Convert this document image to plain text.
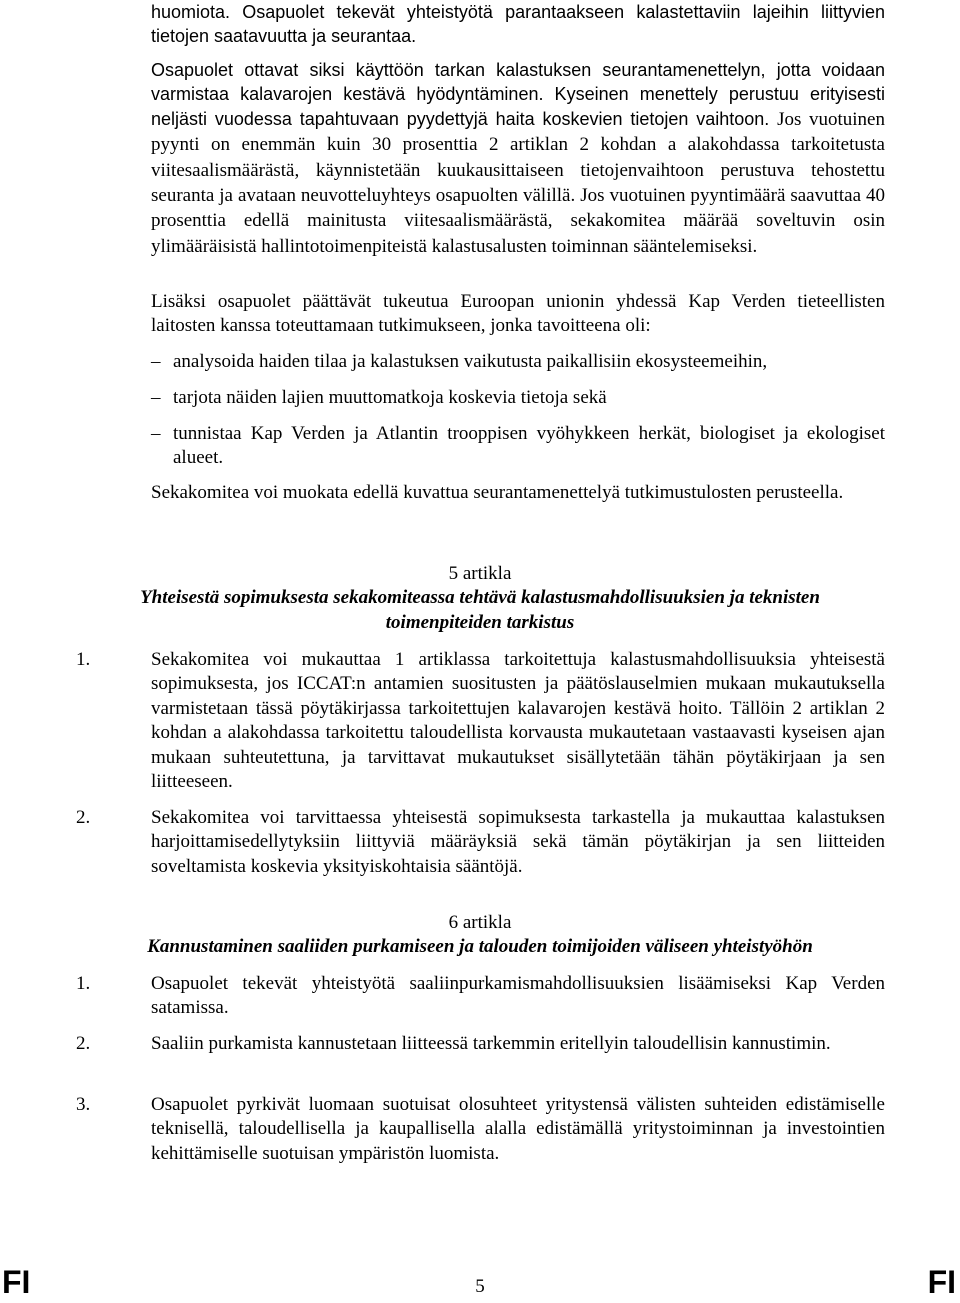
huomiota. Osapuolet tekevät yhteistyötä parantaakseen kalastettaviin lajeihin liittyvien tietojen saatavuutta ja seurantaa.

Osapuolet ottavat siksi käyttöön tarkan kalastuksen seurantamenettelyn, jotta voidaan varmistaa kalavarojen kestävä hyödyntäminen. Kyseinen menettely perustuu erityisesti neljästi vuodessa tapahtuvaan pyydettyjä haita koskevien tietojen vaihtoon. Jos vuotuinen pyynti on enemmän kuin 30 prosenttia 2 artiklan 2 kohdan a alakohdassa tarkoitetusta viitesaalismäärästä, käynnistetään kuukausittaiseen tietojenvaihtoon perustuva tehostettu seuranta ja avataan neuvotteluyhteys osapuolten välillä. Jos vuotuinen pyyntimäärä saavuttaa 40 prosenttia edellä mainitusta viitesaalismäärästä, sekakomitea määrää soveltuvin osin ylimääräisistä hallintotoimenpiteistä kalastusalusten toiminnan sääntelemiseksi.

Lisäksi osapuolet päättävät tukeutua Euroopan unionin yhdessä Kap Verden tieteellisten laitosten kanssa toteuttamaan tutkimukseen, jonka tavoitteena oli:

– analysoida haiden tilaa ja kalastuksen vaikutusta paikallisiin ekosysteemeihin,
– tarjota näiden lajien muuttomatkoja koskevia tietoja sekä
– tunnistaa Kap Verden ja Atlantin trooppisen vyöhykkeen herkät, biologiset ja ekologiset alueet.

Sekakomitea voi muokata edellä kuvattua seurantamenettelyä tutkimustulosten perusteella.

5 artikla
Yhteisestä sopimuksesta sekakomiteassa tehtävä kalastusmahdollisuuksien ja teknisten toimenpiteiden tarkistus
1.	Sekakomitea voi mukauttaa 1 artiklassa tarkoitettuja kalastusmahdollisuuksia yhteisestä sopimuksesta, jos ICCAT:n antamien suositusten ja päätöslauselmien mukaan mukautuksella varmistetaan tässä pöytäkirjassa tarkoitettujen kalavarojen kestävä hoito. Tällöin 2 artiklan 2 kohdan a alakohdassa tarkoitettu taloudellista korvausta mukautetaan vastaavasti kyseisen ajan mukaan suhteutettuna, ja tarvittavat mukautukset sisällytetään tähän pöytäkirjaan ja sen liitteeseen.

2.	Sekakomitea voi tarvittaessa yhteisestä sopimuksesta tarkastella ja mukauttaa kalastuksen harjoittamisedellytyksiin liittyviä määräyksiä sekä tämän pöytäkirjan ja sen liitteiden soveltamista koskevia yksityiskohtaisia sääntöjä.

6 artikla
Kannustaminen saaliiden purkamiseen ja talouden toimijoiden väliseen yhteistyöhön
1.	Osapuolet tekevät yhteistyötä saaliinpurkamismahdollisuuksien lisäämiseksi Kap Verden satamissa.

2.	Saaliin purkamista kannustetaan liitteessä tarkemmin eritellyin taloudellisin kannustimin.

3.	Osapuolet pyrkivät luomaan suotuisat olosuhteet yritystensä välisten suhteiden edistämiselle teknisellä, taloudellisella ja kaupallisella alalla edistämällä yritystoiminnan ja investointien kehittämiselle suotuisan ympäristön luomista.

FI	5	FI
